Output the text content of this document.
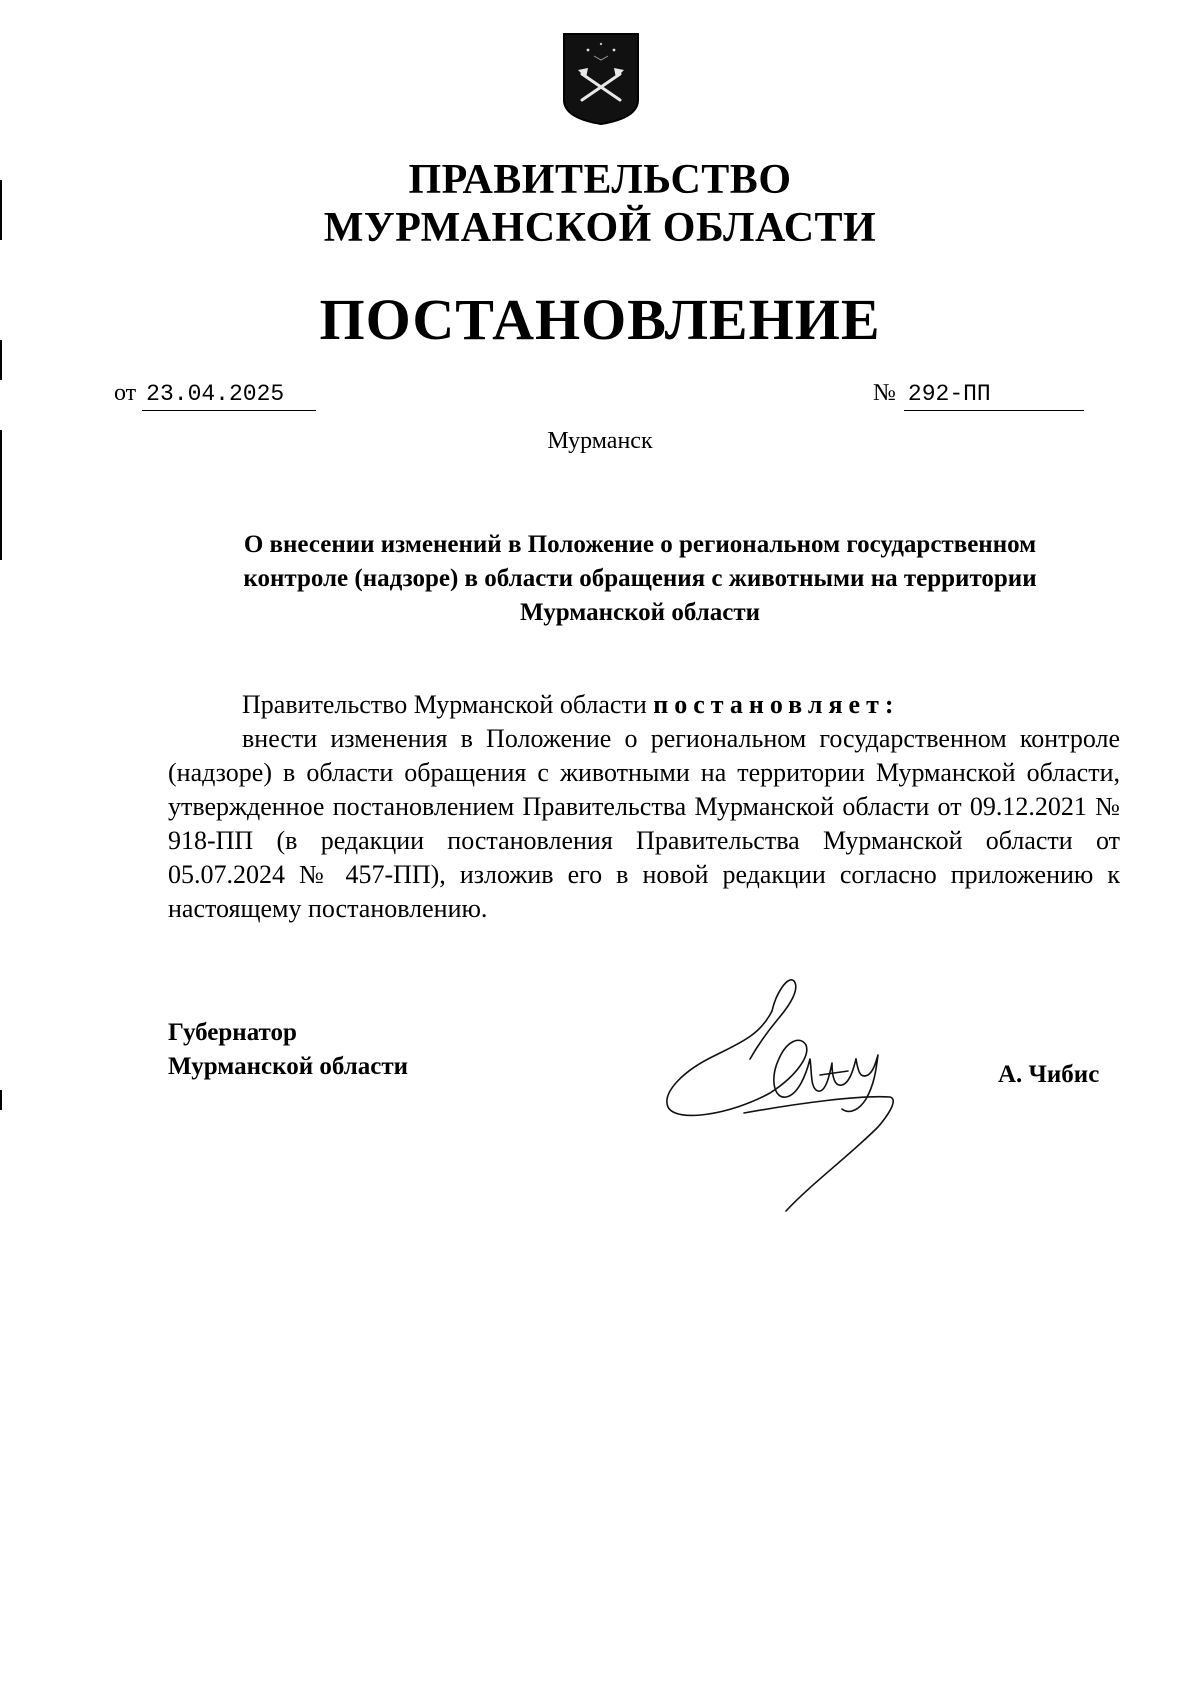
ПРАВИТЕЛЬСТВО
МУРМАНСКОЙ ОБЛАСТИ
ПОСТАНОВЛЕНИЕ
от 23.04.2025	№ 292-ПП
Мурманск
О внесении изменений в Положение о региональном государственном
контроле (надзоре) в области обращения с животными на территории
Мурманской области

Правительство Мурманской области постановляет:

внести изменения в Положение о региональном государственном контроле (надзоре) в области обращения с животными на территории Мурманской области, утвержденное постановлением Правительства Мурманской области от 09.12.2021 № 918-ПП (в редакции постановления Правительства Мурманской области от 05.07.2024 № 457-ПП), изложив его в новой редакции согласно приложению к настоящему постановлению.

Губернатор
Мурманской области	А. Чибис
